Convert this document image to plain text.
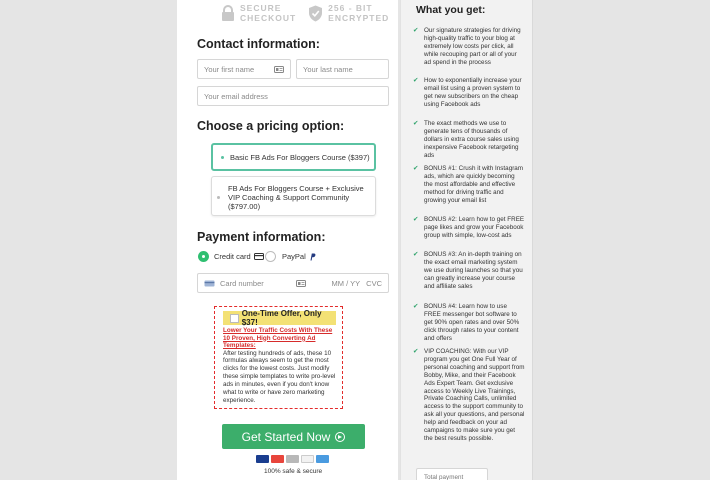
SECURE
CHECKOUT
256 - BIT
ENCRYPTED
Contact information:
Your first name	Your last name
Your email address
Choose a pricing option:
Basic FB Ads For Bloggers Course ($397)
FB Ads For Bloggers Course + Exclusive VIP Coaching & Support Community ($797.00)
Payment information:
Credit card	PayPal
Card number	MM / YY CVC
One-Time Offer, Only $37!
Lower Your Traffic Costs With These 10 Proven, High Converting Ad Templates:
After testing hundreds of ads, these 10 formulas always seem to get the most clicks for the lowest costs. Just modify these simple templates to write pro-level ads in minutes, even if you don't know what to write or have zero marketing experience.
Get Started Now
100% safe & secure
What you get:
✔ Our signature strategies for driving high-quality traffic to your blog at extremely low costs per click, all while recouping part or all of your ad spend in the process
✔ How to exponentially increase your email list using a proven system to get new subscribers on the cheap using Facebook ads
✔ The exact methods we use to generate tens of thousands of dollars in extra course sales using inexpensive Facebook retargeting ads
✔ BONUS #1: Crush it with Instagram ads, which are quickly becoming the most affordable and effective method for driving traffic and growing your email list
✔ BONUS #2: Learn how to get FREE page likes and grow your Facebook group with simple, low-cost ads
✔ BONUS #3: An in-depth training on the exact email marketing system we use during launches so that you can greatly increase your course and affiliate sales
✔ BONUS #4: Learn how to use FREE messenger bot software to get 90% open rates and over 50% click through rates to your content and offers
✔ VIP COACHING: With our VIP program you get One Full Year of personal coaching and support from Bobby, Mike, and their Facebook Ads Expert Team. Get exclusive access to Weekly Live Trainings, Private Coaching Calls, unlimited access to the support community to ask all your questions, and personal help and feedback on your ad campaigns to make sure you get the best results possible.
Total payment
